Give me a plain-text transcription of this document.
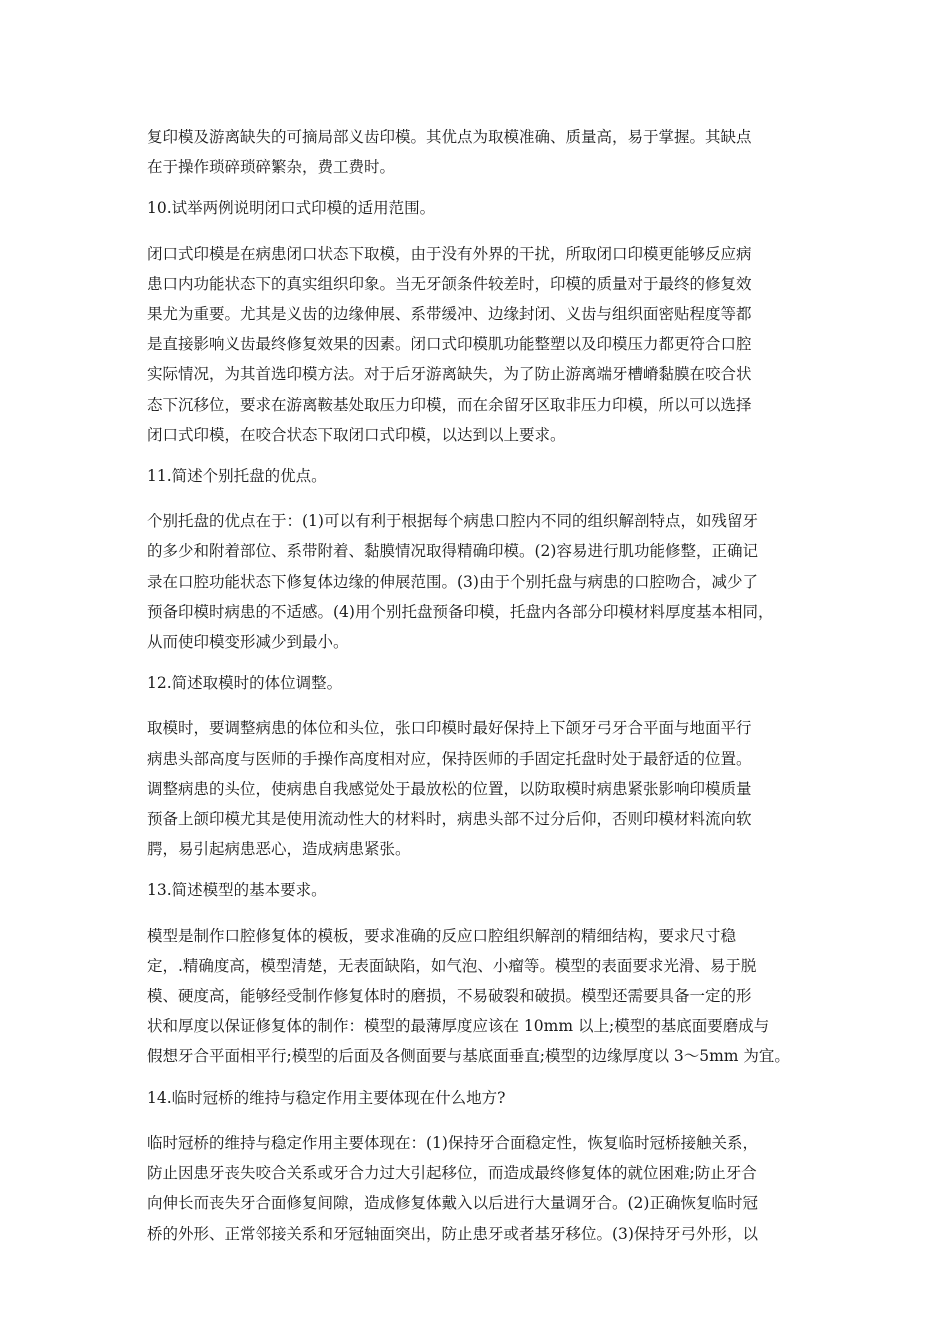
复印模及游离缺失的可摘局部义齿印模。其优点为取模准确、质量高，易于掌握。其缺点
在于操作琐碎琐碎繁杂，费工费时。
10.试举两例说明闭口式印模的适用范围。
闭口式印模是在病患闭口状态下取模，由于没有外界的干扰，所取闭口印模更能够反应病
患口内功能状态下的真实组织印象。当无牙颌条件较差时，印模的质量对于最终的修复效
果尤为重要。尤其是义齿的边缘伸展、系带缓冲、边缘封闭、义齿与组织面密贴程度等都
是直接影响义齿最终修复效果的因素。闭口式印模肌功能整塑以及印模压力都更符合口腔
实际情况，为其首选印模方法。对于后牙游离缺失，为了防止游离端牙槽嵴黏膜在咬合状
态下沉移位，要求在游离鞍基处取压力印模，而在余留牙区取非压力印模，所以可以选择
闭口式印模，在咬合状态下取闭口式印模，以达到以上要求。
11.简述个别托盘的优点。
个别托盘的优点在于：(1)可以有利于根据每个病患口腔内不同的组织解剖特点，如残留牙
的多少和附着部位、系带附着、黏膜情况取得精确印模。(2)容易进行肌功能修整，正确记
录在口腔功能状态下修复体边缘的伸展范围。(3)由于个别托盘与病患的口腔吻合，减少了
预备印模时病患的不适感。(4)用个别托盘预备印模，托盘内各部分印模材料厚度基本相同，
从而使印模变形减少到最小。
12.简述取模时的体位调整。
取模时，要调整病患的体位和头位，张口印模时最好保持上下颌牙弓牙合平面与地面平行
病患头部高度与医师的手操作高度相对应，保持医师的手固定托盘时处于最舒适的位置。
调整病患的头位，使病患自我感觉处于最放松的位置，以防取模时病患紧张影响印模质量
预备上颌印模尤其是使用流动性大的材料时，病患头部不过分后仰，否则印模材料流向软
腭，易引起病患恶心，造成病患紧张。
13.简述模型的基本要求。
模型是制作口腔修复体的模板，要求准确的反应口腔组织解剖的精细结构，要求尺寸稳
定，.精确度高，模型清楚，无表面缺陷，如气泡、小瘤等。模型的表面要求光滑、易于脱
模、硬度高，能够经受制作修复体时的磨损，不易破裂和破损。模型还需要具备一定的形
状和厚度以保证修复体的制作：模型的最薄厚度应该在 10mm 以上;模型的基底面要磨成与
假想牙合平面相平行;模型的后面及各侧面要与基底面垂直;模型的边缘厚度以 3～5mm 为宜。
14.临时冠桥的维持与稳定作用主要体现在什么地方?
临时冠桥的维持与稳定作用主要体现在：(1)保持牙合面稳定性，恢复临时冠桥接触关系，
防止因患牙丧失咬合关系或牙合力过大引起移位，而造成最终修复体的就位困难;防止牙合
向伸长而丧失牙合面修复间隙，造成修复体戴入以后进行大量调牙合。(2)正确恢复临时冠
桥的外形、正常邻接关系和牙冠轴面突出，防止患牙或者基牙移位。(3)保持牙弓外形，以
